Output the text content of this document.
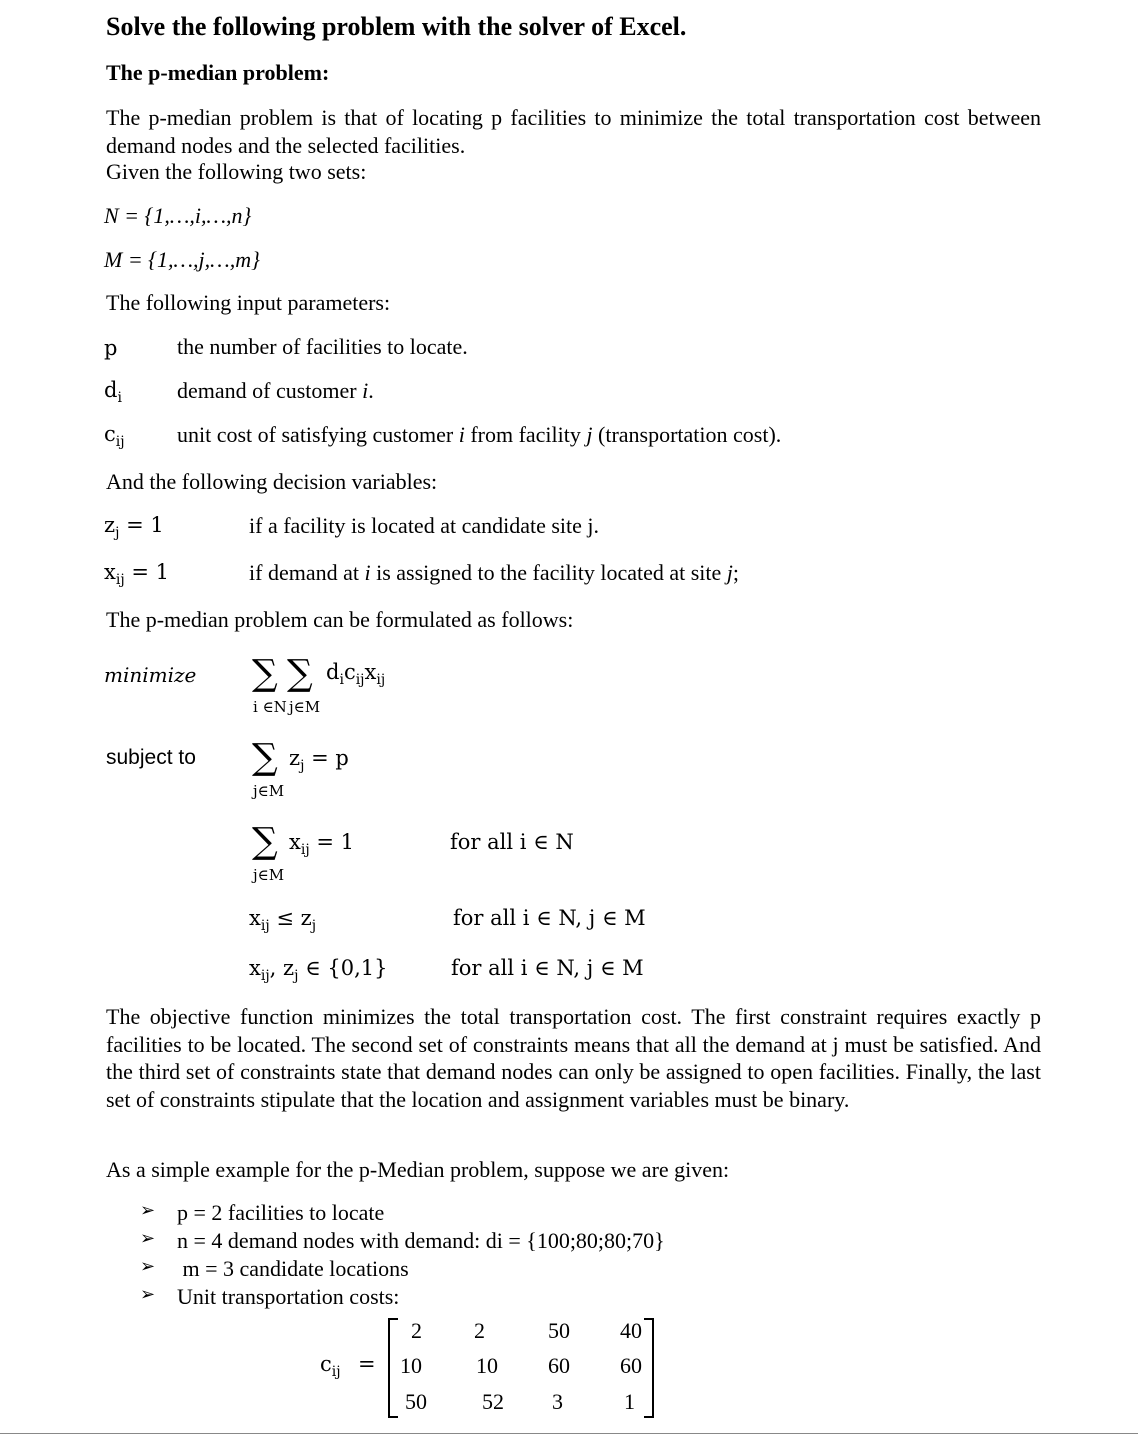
Solve the following problem with the solver of Excel.
The p-median problem:
The p-median problem is that of locating p facilities to minimize the total transportation cost between demand nodes and the selected facilities.
Given the following two sets:
N = {1,…,i,…,n}
M = {1,…,j,…,m}
The following input parameters:
p	the number of facilities to locate.
$d_i$	demand of customer i.
$c_{ij}$ unit cost of satisfying customer i from facility j (transportation cost).
And the following decision variables:
$z_j = 1$	if a facility is located at candidate site j.
$x_{ij} = 1$	if demand at i is assigned to the facility located at site j;
The p-median problem can be formulated as follows:
minimize ∑ ∑ $d_ic_{ij}x_{ij}$
i ∈N j∈M
subject to ∑ $z_j = p$
j∈M
∑ $x_{ij} = 1$
j∈M
for all i ∈ N
$x_{ij} \le z_j$	for all i ∈ N, j ∈ M
$x_{ij}$, $z_j$ ∈ {0,1}	for all i ∈ N, j ∈ M
The objective function minimizes the total transportation cost. The first constraint requires exactly p facilities to be located. The second set of constraints means that all the demand at j must be satisfied. And the third set of constraints state that demand nodes can only be assigned to open facilities. Finally, the last set of constraints stipulate that the location and assignment variables must be binary.
As a simple example for the p-Median problem, suppose we are given:
➢ p = 2 facilities to locate
➢ n = 4 demand nodes with demand: di = {100;80;80;70}
➢ m = 3 candidate locations
➢ Unit transportation costs:
$c_{ij}$ =
2	2	50	40
10	10	60	60
50	52	3	1
